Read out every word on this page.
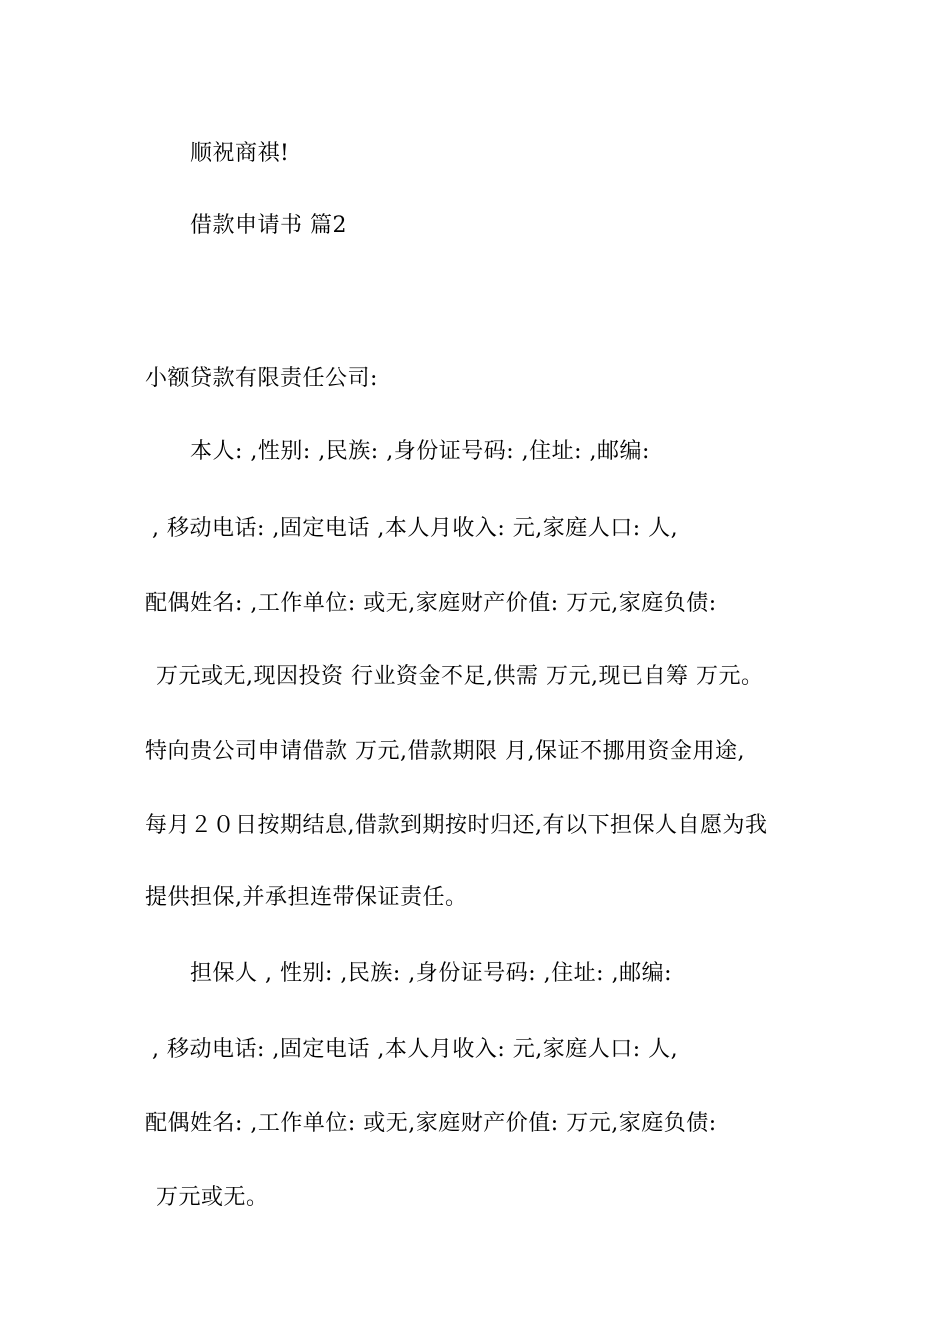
顺祝商祺!
借款申请书 篇2
小额贷款有限责任公司:
本人: ,性别: ,民族: ,身份证号码: ,住址: ,邮编:
, 移动电话: ,固定电话 ,本人月收入: 元,家庭人口: 人,
配偶姓名: ,工作单位: 或无,家庭财产价值: 万元,家庭负债:
万元或无,现因投资 行业资金不足,供需 万元,现已自筹 万元。
特向贵公司申请借款 万元,借款期限 月,保证不挪用资金用途,
每月２０日按期结息,借款到期按时归还,有以下担保人自愿为我
提供担保,并承担连带保证责任。
担保人 , 性别: ,民族: ,身份证号码: ,住址: ,邮编:
, 移动电话: ,固定电话 ,本人月收入: 元,家庭人口: 人,
配偶姓名: ,工作单位: 或无,家庭财产价值: 万元,家庭负债:
万元或无。
